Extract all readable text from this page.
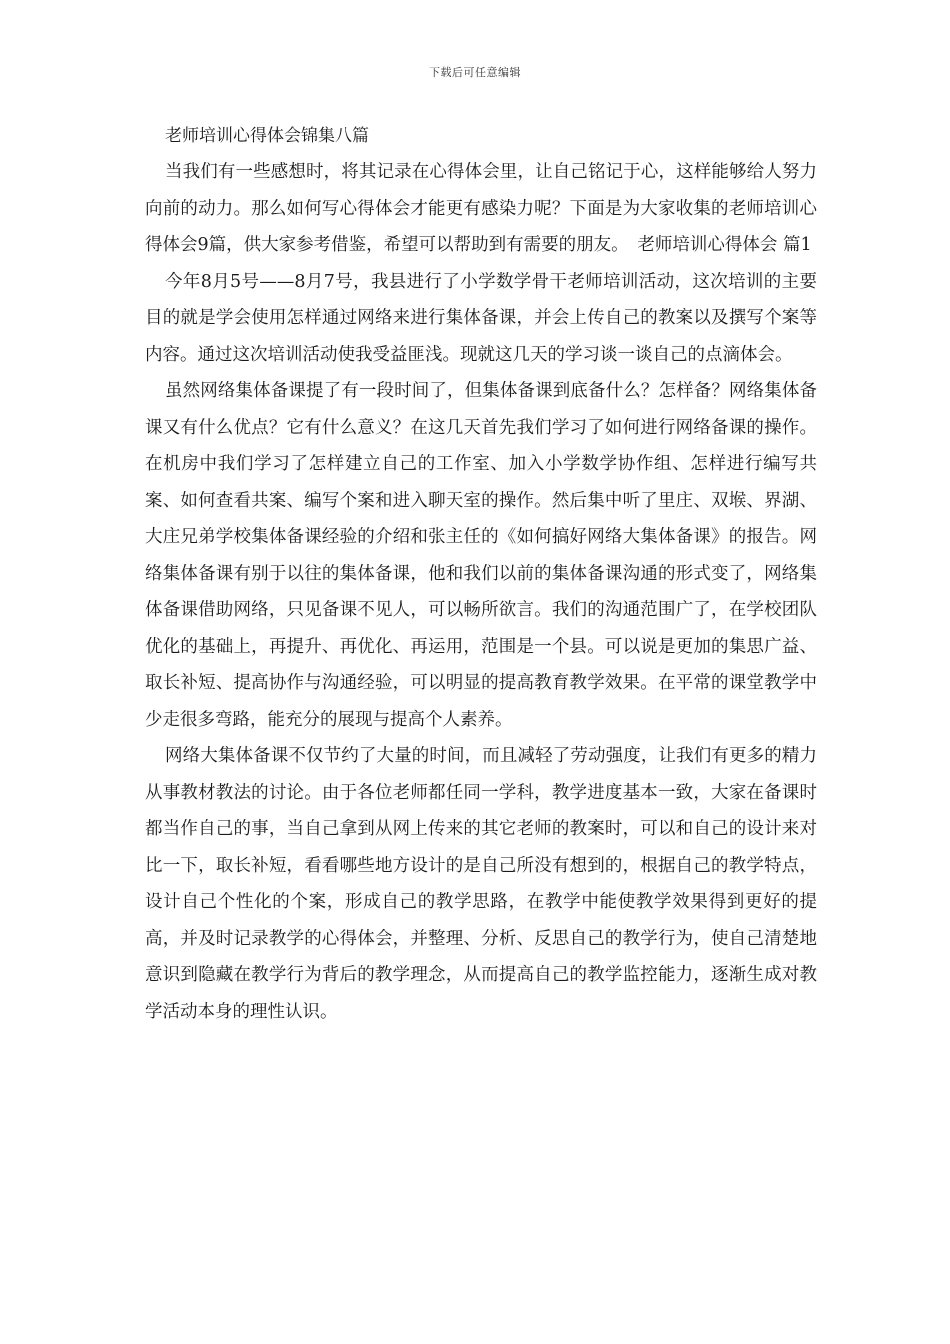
下载后可任意编辑
老师培训心得体会锦集八篇

当我们有一些感想时，将其记录在心得体会里，让自己铭记于心，这样能够给人努力向前的动力。那么如何写心得体会才能更有感染力呢？下面是为大家收集的老师培训心得体会9篇，供大家参考借鉴，希望可以帮助到有需要的朋友。　老师培训心得体会 篇1

今年8月5号——8月7号，我县进行了小学数学骨干老师培训活动，这次培训的主要目的就是学会使用怎样通过网络来进行集体备课，并会上传自己的教案以及撰写个案等内容。通过这次培训活动使我受益匪浅。现就这几天的学习谈一谈自己的点滴体会。

虽然网络集体备课提了有一段时间了，但集体备课到底备什么？怎样备？网络集体备课又有什么优点？它有什么意义？在这几天首先我们学习了如何进行网络备课的操作。在机房中我们学习了怎样建立自己的工作室、加入小学数学协作组、怎样进行编写共案、如何查看共案、编写个案和进入聊天室的操作。然后集中听了里庄、双堠、界湖、大庄兄弟学校集体备课经验的介绍和张主任的《如何搞好网络大集体备课》的报告。网络集体备课有别于以往的集体备课，他和我们以前的集体备课沟通的形式变了，网络集体备课借助网络，只见备课不见人，可以畅所欲言。我们的沟通范围广了，在学校团队优化的基础上，再提升、再优化、再运用，范围是一个县。可以说是更加的集思广益、取长补短、提高协作与沟通经验，可以明显的提高教育教学效果。在平常的课堂教学中少走很多弯路，能充分的展现与提高个人素养。

网络大集体备课不仅节约了大量的时间，而且减轻了劳动强度，让我们有更多的精力从事教材教法的讨论。由于各位老师都任同一学科，教学进度基本一致，大家在备课时都当作自己的事，当自己拿到从网上传来的其它老师的教案时，可以和自己的设计来对比一下，取长补短，看看哪些地方设计的是自己所没有想到的，根据自己的教学特点，设计自己个性化的个案，形成自己的教学思路，在教学中能使教学效果得到更好的提高，并及时记录教学的心得体会，并整理、分析、反思自己的教学行为，使自己清楚地意识到隐藏在教学行为背后的教学理念，从而提高自己的教学监控能力，逐渐生成对教学活动本身的理性认识。
